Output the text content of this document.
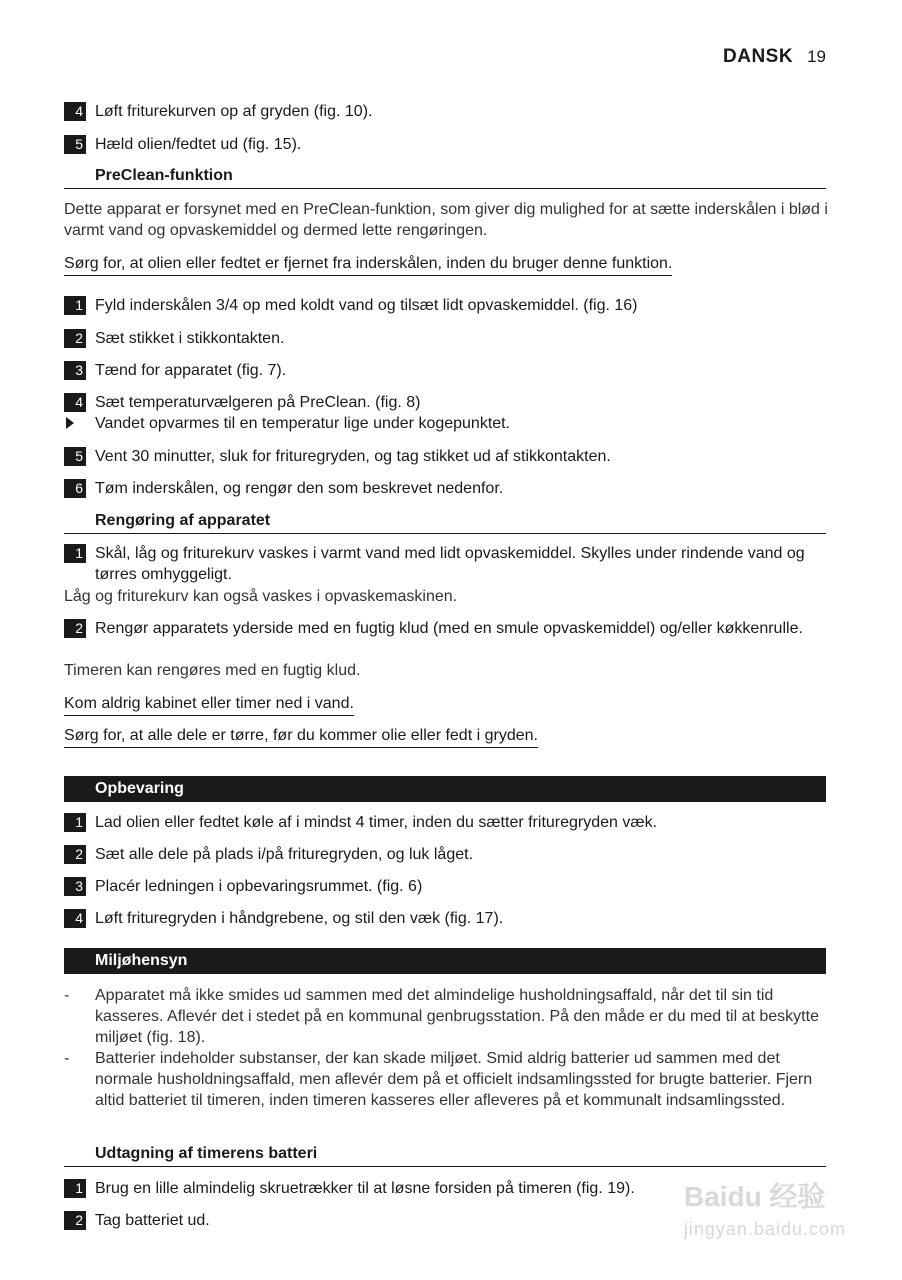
DANSK 19
4 Løft friturekurven op af gryden (fig. 10).
5 Hæld olien/fedtet ud (fig. 15).
PreClean-funktion
Dette apparat er forsynet med en PreClean-funktion, som giver dig mulighed for at sætte inderskålen i blød i varmt vand og opvaskemiddel og dermed lette rengøringen.
Sørg for, at olien eller fedtet er fjernet fra inderskålen, inden du bruger denne funktion.
1 Fyld inderskålen 3/4 op med koldt vand og tilsæt lidt opvaskemiddel. (fig. 16)
2 Sæt stikket i stikkontakten.
3 Tænd for apparatet (fig. 7).
4 Sæt temperaturvælgeren på PreClean. (fig. 8)
Vandet opvarmes til en temperatur lige under kogepunktet.
5 Vent 30 minutter, sluk for frituregryden, og tag stikket ud af stikkontakten.
6 Tøm inderskålen, og rengør den som beskrevet nedenfor.
Rengøring af apparatet
1 Skål, låg og friturekurv vaskes i varmt vand med lidt opvaskemiddel. Skylles under rindende vand og tørres omhyggeligt.
Låg og friturekurv kan også vaskes i opvaskemaskinen.
2 Rengør apparatets yderside med en fugtig klud (med en smule opvaskemiddel) og/eller køkkenrulle.
Timeren kan rengøres med en fugtig klud.
Kom aldrig kabinet eller timer ned i vand.
Sørg for, at alle dele er tørre, før du kommer olie eller fedt i gryden.
Opbevaring
1 Lad olien eller fedtet køle af i mindst 4 timer, inden du sætter frituregryden væk.
2 Sæt alle dele på plads i/på frituregryden, og luk låget.
3 Placér ledningen i opbevaringsrummet. (fig. 6)
4 Løft frituregryden i håndgrebene, og stil den væk (fig. 17).
Miljøhensyn
- Apparatet må ikke smides ud sammen med det almindelige husholdningsaffald, når det til sin tid kasseres. Aflevér det i stedet på en kommunal genbrugsstation. På den måde er du med til at beskytte miljøet (fig. 18).
- Batterier indeholder substanser, der kan skade miljøet. Smid aldrig batterier ud sammen med det normale husholdningsaffald, men aflevér dem på et officielt indsamlingssted for brugte batterier. Fjern altid batteriet til timeren, inden timeren kasseres eller afleveres på et kommunalt indsamlingssted.
Udtagning af timerens batteri
1 Brug en lille almindelig skruetrækker til at løsne forsiden på timeren (fig. 19).
2 Tag batteriet ud.
Baidu 经验
jingyan.baidu.com
